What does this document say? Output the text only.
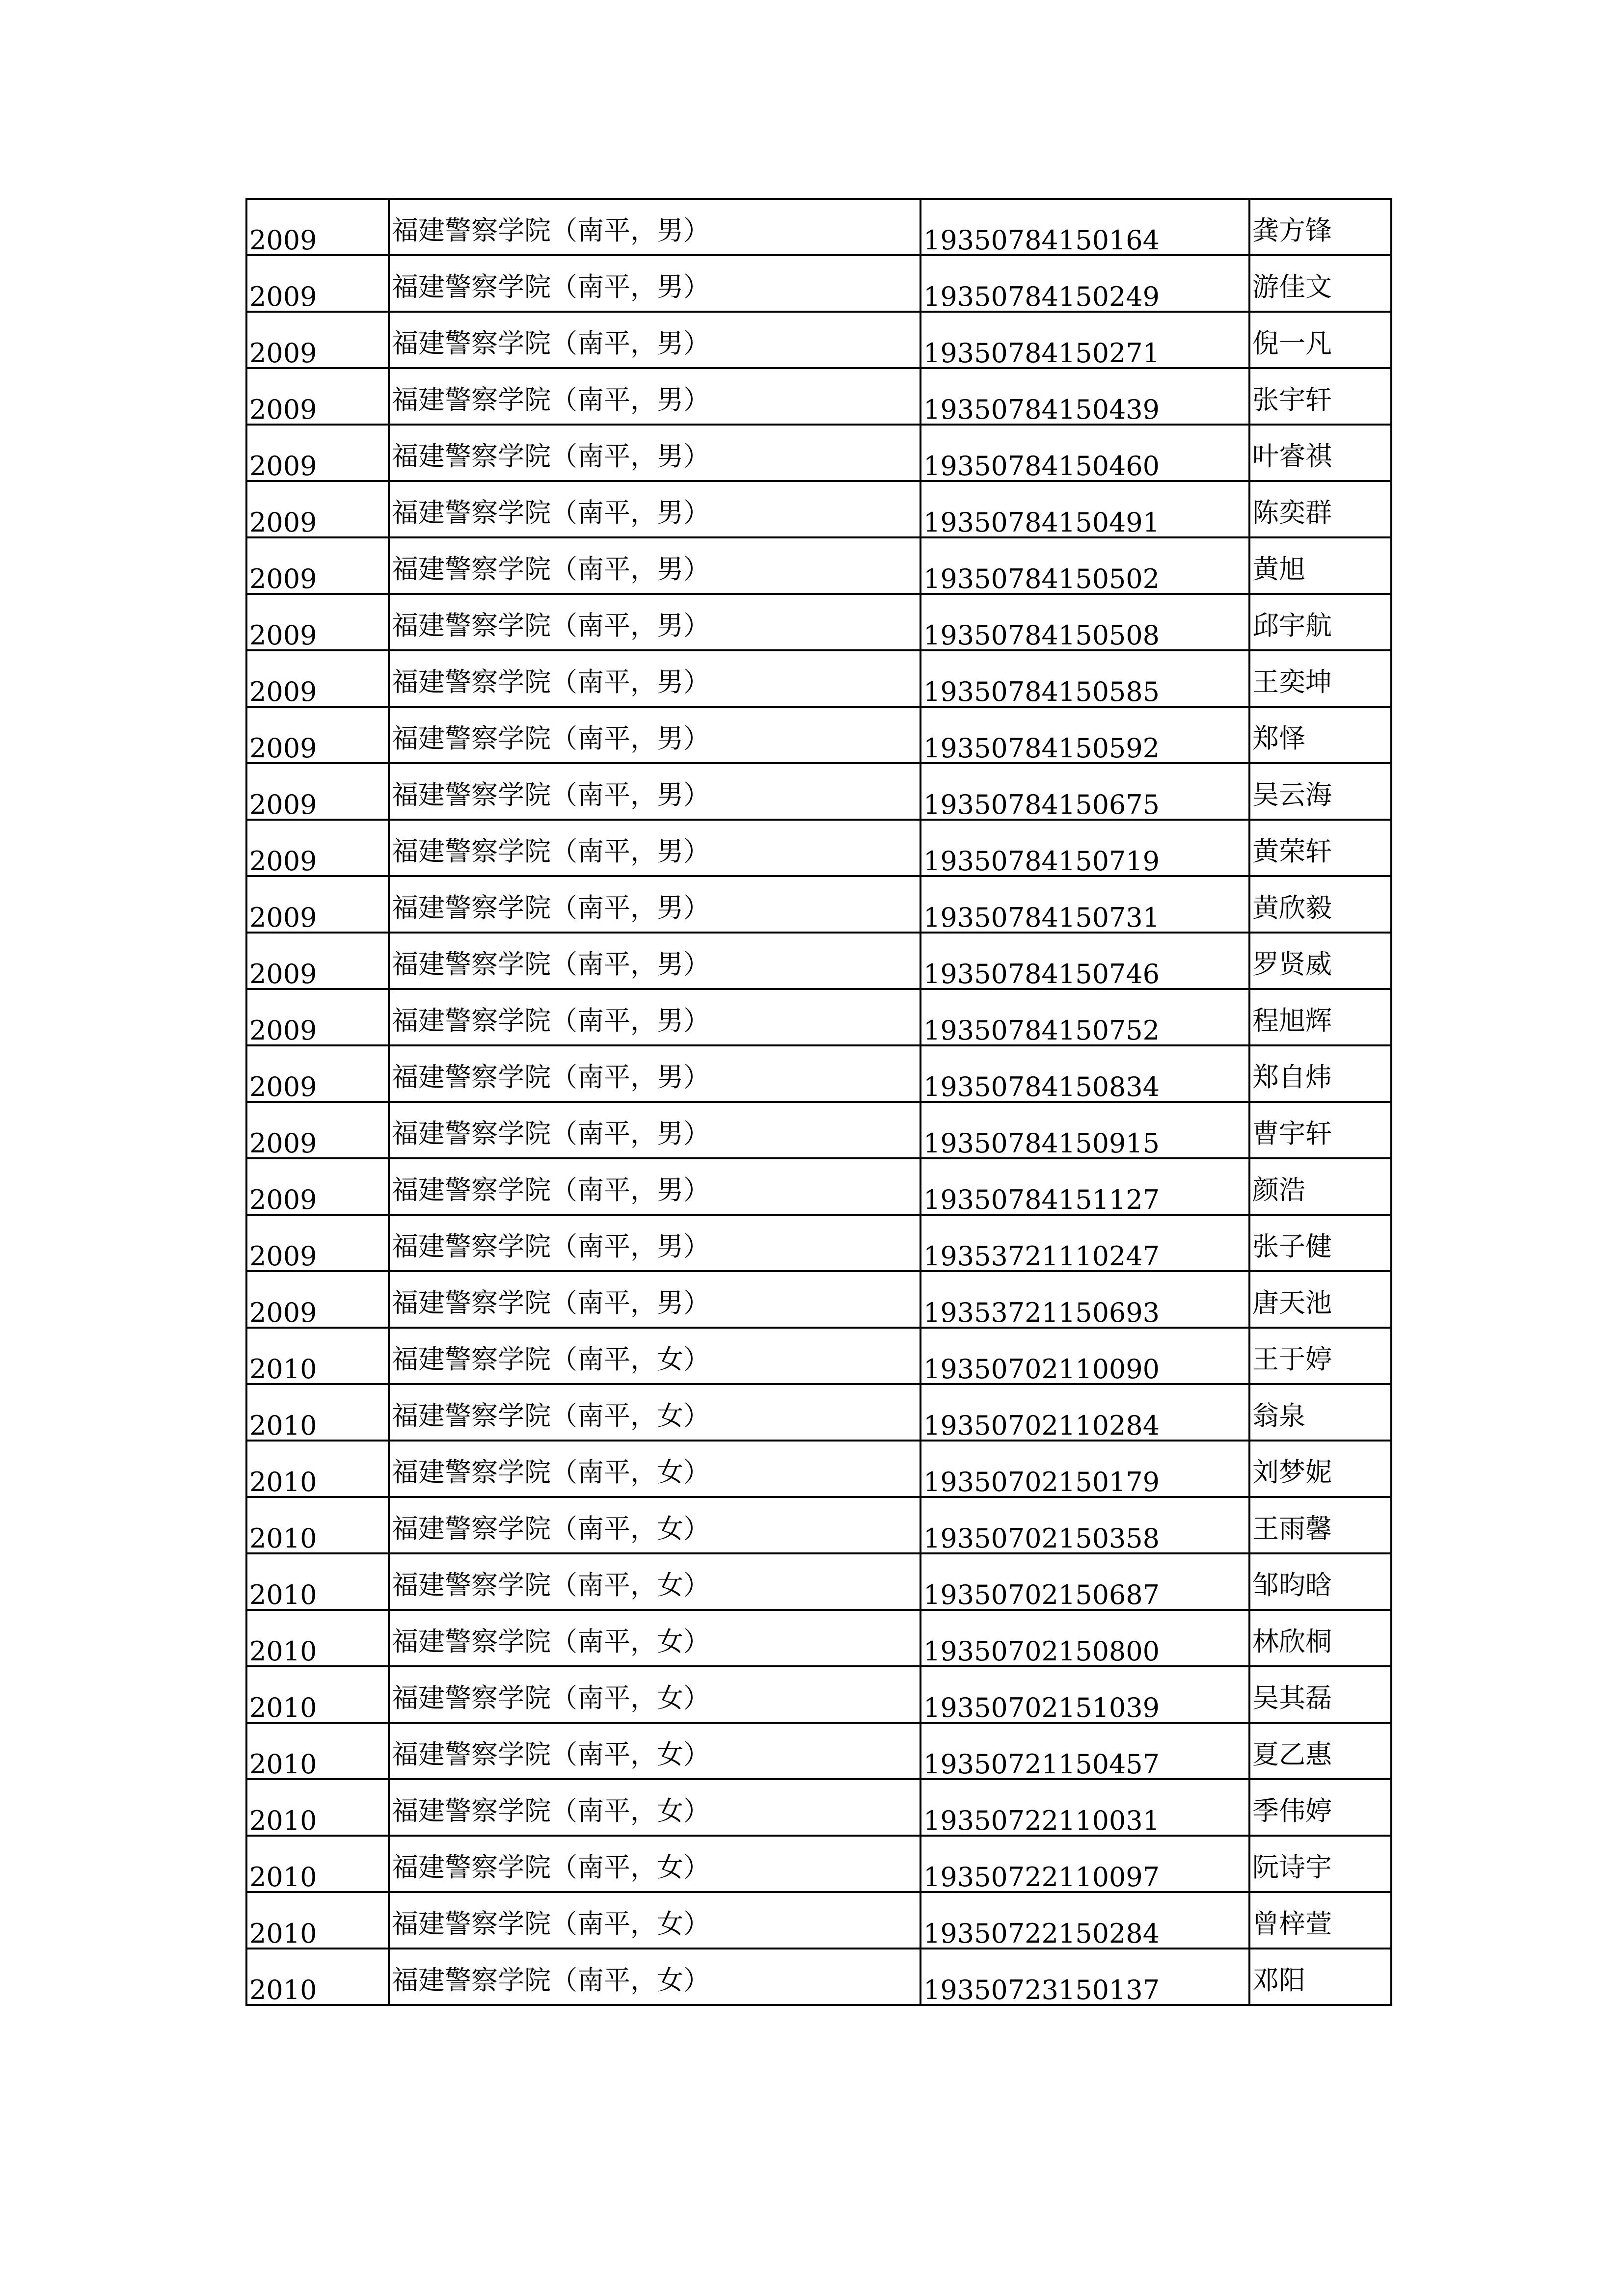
2009	福建警察学院（南平，男）	19350784150164	龚方锋

2009	福建警察学院（南平，男）	19350784150249	游佳文

2009	福建警察学院（南平，男）	19350784150271	倪一凡

2009	福建警察学院（南平，男）	19350784150439	张宇轩

2009	福建警察学院（南平，男）	19350784150460	叶睿祺

2009	福建警察学院（南平，男）	19350784150491	陈奕群

2009	福建警察学院（南平，男）	19350784150502	黄旭

2009	福建警察学院（南平，男）	19350784150508	邱宇航

2009	福建警察学院（南平，男）	19350784150585	王奕坤

2009	福建警察学院（南平，男）	19350784150592	郑怿

2009	福建警察学院（南平，男）	19350784150675	吴云海

2009	福建警察学院（南平，男）	19350784150719	黄荣轩

2009	福建警察学院（南平，男）	19350784150731	黄欣毅

2009	福建警察学院（南平，男）	19350784150746	罗贤威

2009	福建警察学院（南平，男）	19350784150752	程旭辉

2009	福建警察学院（南平，男）	19350784150834	郑自炜

2009	福建警察学院（南平，男）	19350784150915	曹宇轩

2009	福建警察学院（南平，男）	19350784151127	颜浩

2009	福建警察学院（南平，男）	19353721110247	张子健

2009	福建警察学院（南平，男）	19353721150693	唐天池

2010	福建警察学院（南平，女）	19350702110090	王于婷

2010	福建警察学院（南平，女）	19350702110284	翁泉

2010	福建警察学院（南平，女）	19350702150179	刘梦妮

2010	福建警察学院（南平，女）	19350702150358	王雨馨

2010	福建警察学院（南平，女）	19350702150687	邹昀晗

2010	福建警察学院（南平，女）	19350702150800	林欣桐

2010	福建警察学院（南平，女）	19350702151039	吴其磊

2010	福建警察学院（南平，女）	19350721150457	夏乙惠

2010	福建警察学院（南平，女）	19350722110031	季伟婷

2010	福建警察学院（南平，女）	19350722110097	阮诗宇

2010	福建警察学院（南平，女）	19350722150284	曾梓萱

2010	福建警察学院（南平，女）	19350723150137	邓阳
